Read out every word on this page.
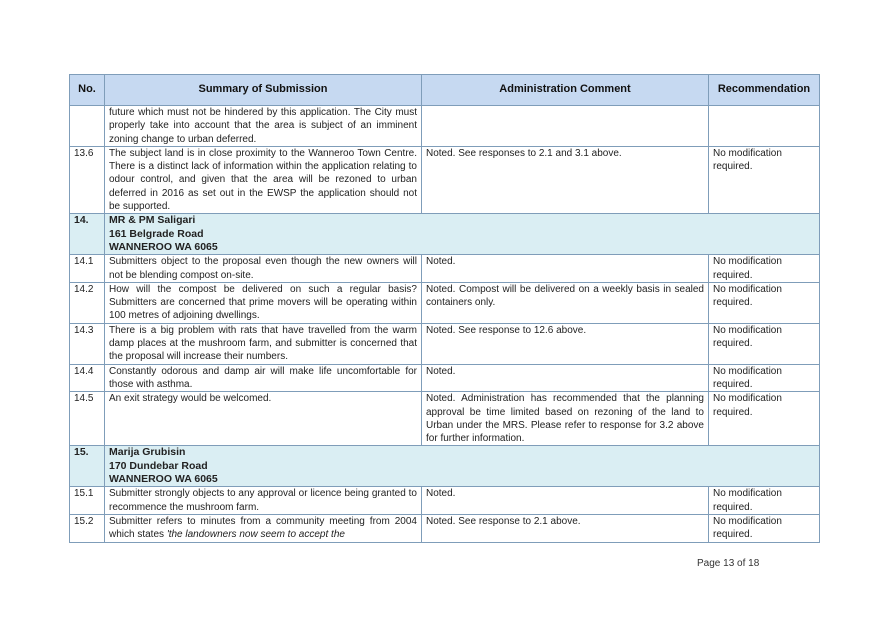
No.	Summary of Submission	Administration Comment	Recommendation
	future which must not be hindered by this application. The City must properly take into account that the area is subject of an imminent zoning change to urban deferred.		
13.6	The subject land is in close proximity to the Wanneroo Town Centre. There is a distinct lack of information within the application relating to odour control, and given that the area will be rezoned to urban deferred in 2016 as set out in the EWSP the application should not be supported.	Noted. See responses to 2.1 and 3.1 above.	No modification required.
14.	MR & PM Saligari
161 Belgrade Road
WANNEROO WA 6065		

14.1	Submitters object to the proposal even though the new owners will not be blending compost on-site.	Noted.	No modification required.
14.2	How will the compost be delivered on such a regular basis? Submitters are concerned that prime movers will be operating within 100 metres of adjoining dwellings.	Noted. Compost will be delivered on a weekly basis in sealed containers only.	No modification required.
14.3	There is a big problem with rats that have travelled from the warm damp places at the mushroom farm, and submitter is concerned that the proposal will increase their numbers.	Noted. See response to 12.6 above.	No modification required.
14.4	Constantly odorous and damp air will make life uncomfortable for those with asthma.	Noted.	No modification required.
14.5	An exit strategy would be welcomed.	Noted. Administration has recommended that the planning approval be time limited based on rezoning of the land to Urban under the MRS. Please refer to response for 3.2 above for further information.	No modification required.
15.	Marija Grubisin
170 Dundebar Road
WANNEROO WA 6065		

15.1	Submitter strongly objects to any approval or licence being granted to recommence the mushroom farm.	Noted.	No modification required.
15.2	Submitter refers to minutes from a community meeting from 2004 which states 'the landowners now seem to accept the	Noted. See response to 2.1 above.	No modification required.
Page 13 of 18
